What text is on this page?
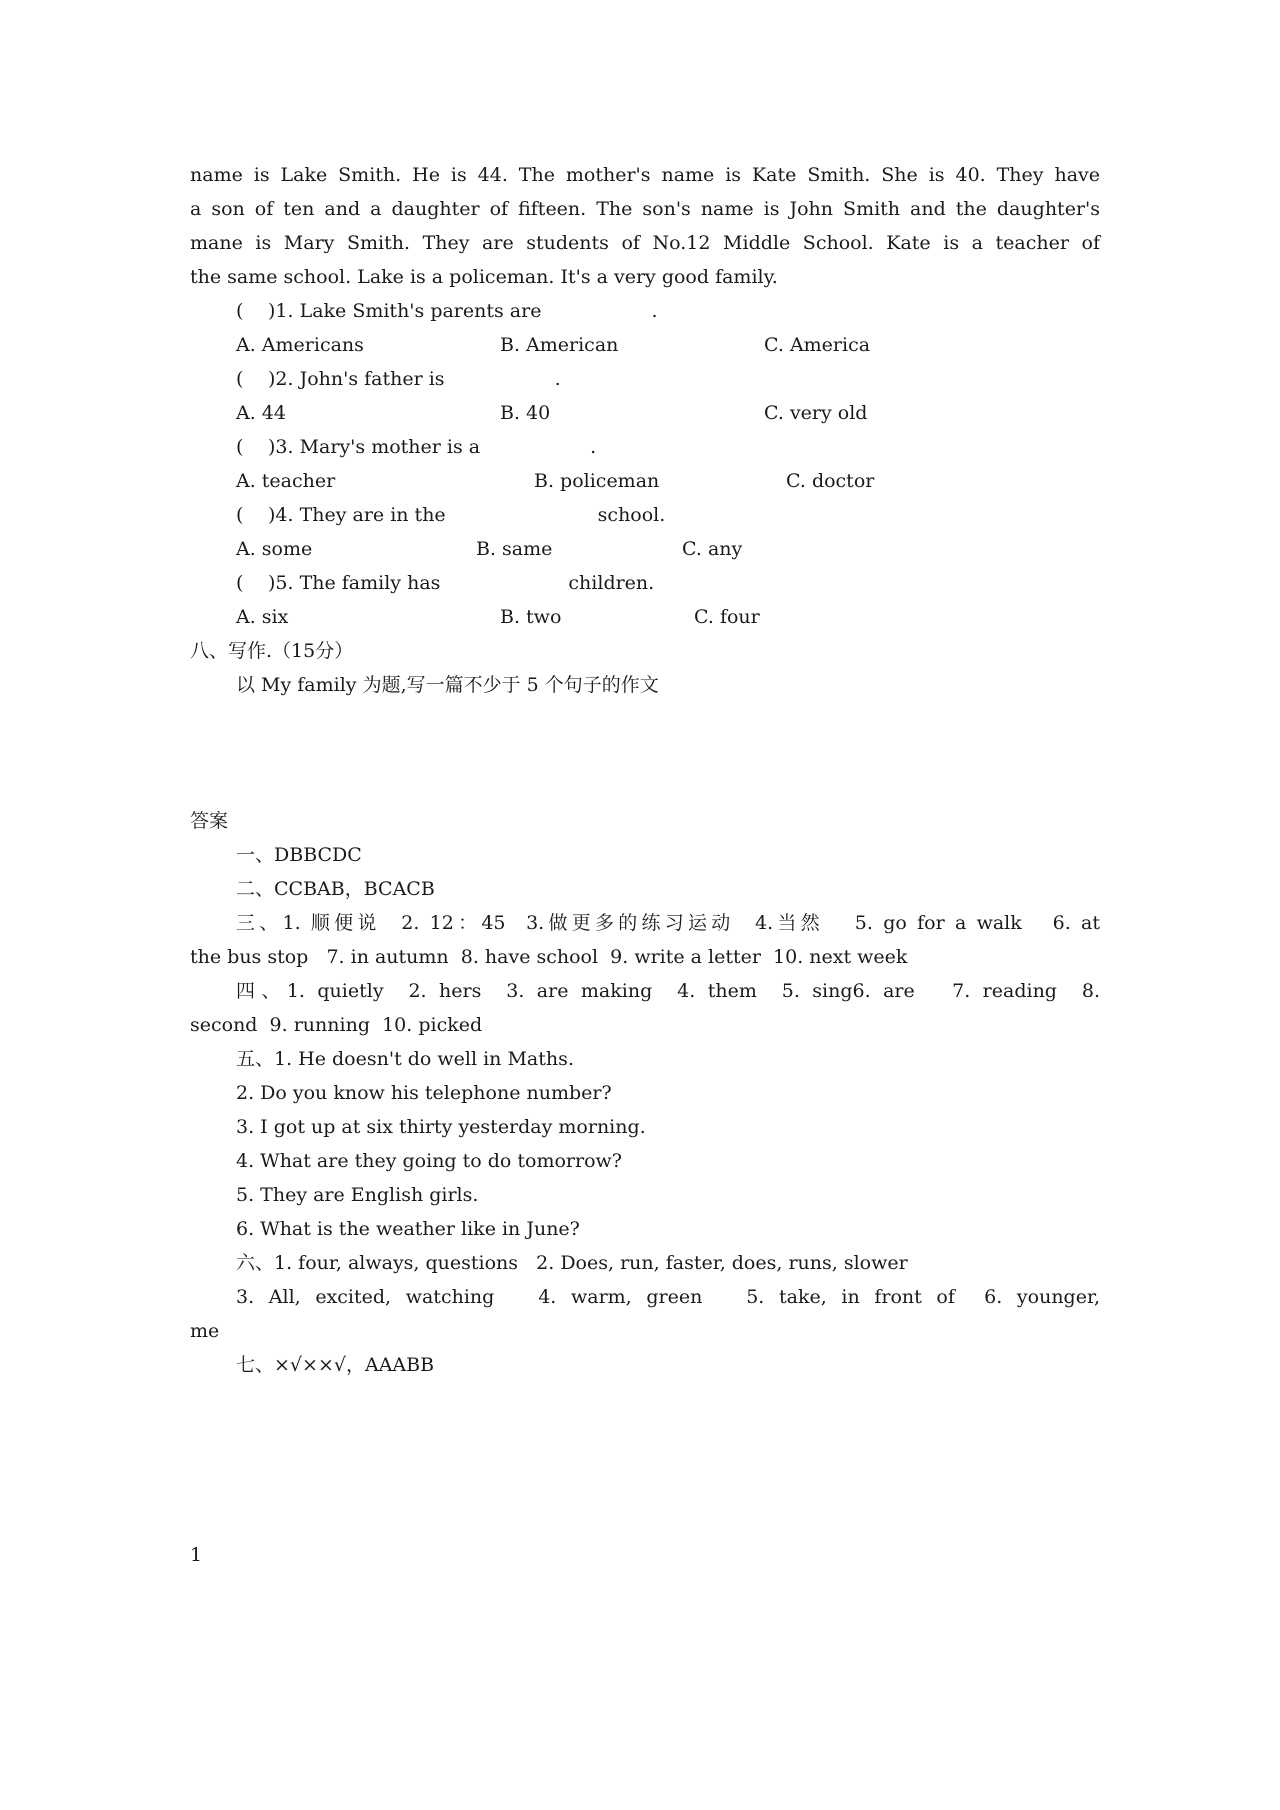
name is Lake Smith. He is 44. The mother's name is Kate Smith. She is 40. They have
a son of ten and a daughter of fifteen. The son's name is John Smith and the daughter's
mane is Mary Smith. They are students of No.12 Middle School. Kate is a teacher of
the same school. Lake is a policeman. It's a very good family.
(	)1. Lake Smith's parents are	.
A. Americans	B. American	C. America
(	)2. John's father is	.
A. 44	B. 40	C. very old
(	)3. Mary's mother is a	.
A. teacher	B. policeman	C. doctor
(	)4. They are in the	school.
A. some	B. same	C. any
(	)5. The family has	children.
A. six	B. two	C. four
八、写作.（15分）
以 My family 为题,写一篇不少于 5 个句子的作文
答案
一、DBBCDC
二、CCBAB，BCACB
三、1. 顺便说  2. 12：45  3.做更多的练习运动  4.当然   5. go for a walk   6. at
the bus stop   7. in autumn  8. have school  9. write a letter  10. next week
四、1. quietly  2. hers  3. are making  4. them  5. sing6. are   7. reading  8.
second  9. running  10. picked
五、1. He doesn't do well in Maths.
2. Do you know his telephone number?
3. I got up at six thirty yesterday morning.
4. What are they going to do tomorrow?
5. They are English girls.
6. What is the weather like in June?
六、1. four, always, questions   2. Does, run, faster, does, runs, slower
3. All, excited, watching   4. warm, green   5. take, in front of  6. younger,
me
七、×√××√，AAABB
1
